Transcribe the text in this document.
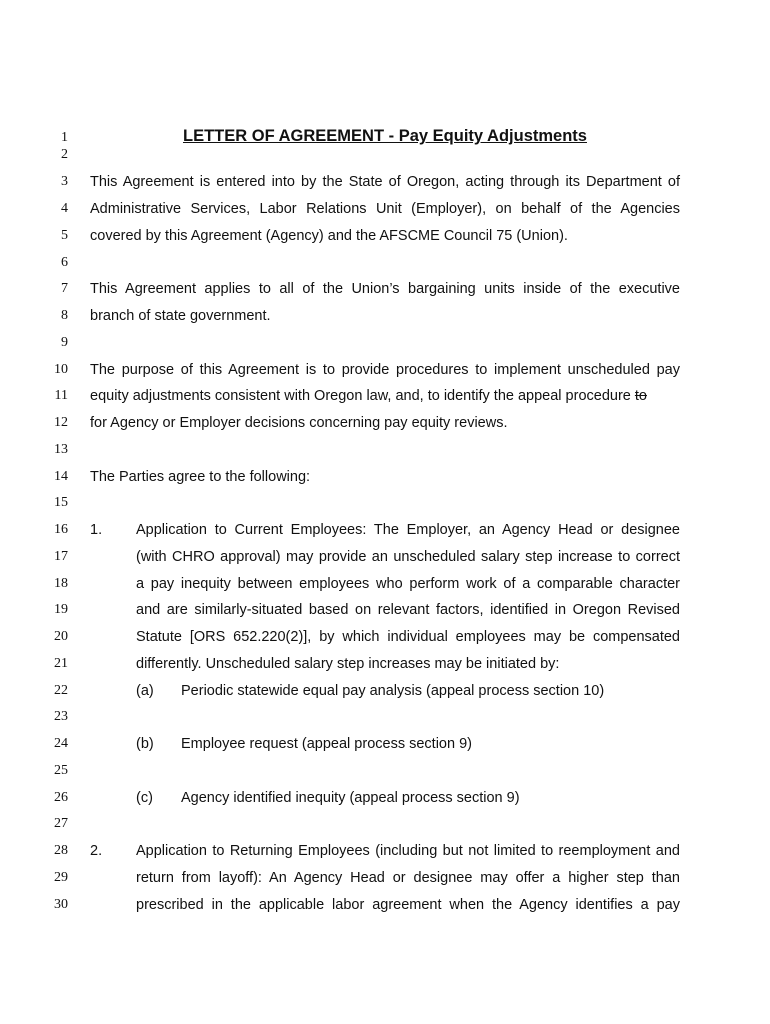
1
2
3
4
5
6
7
8
9
10
11
12
13
14
15
16
17
18
19
20
21
22
23
24
25
26
27
28
29
30
LETTER OF AGREEMENT - Pay Equity Adjustments
This Agreement is entered into by the State of Oregon, acting through its Department of
Administrative Services, Labor Relations Unit (Employer), on behalf of the Agencies
covered by this Agreement (Agency) and the AFSCME Council 75 (Union).
This Agreement applies to all of the Union’s bargaining units inside of the executive
branch of state government.
The purpose of this Agreement is to provide procedures to implement unscheduled pay
equity adjustments consistent with Oregon law, and, to identify the appeal procedure to
for Agency or Employer decisions concerning pay equity reviews.
The Parties agree to the following:
1. Application to Current Employees: The Employer, an Agency Head or designee
(with CHRO approval) may provide an unscheduled salary step increase to correct
a pay inequity between employees who perform work of a comparable character
and are similarly-situated based on relevant factors, identified in Oregon Revised
Statute [ORS 652.220(2)], by which individual employees may be compensated
differently. Unscheduled salary step increases may be initiated by:
(a) Periodic statewide equal pay analysis (appeal process section 10)
(b) Employee request (appeal process section 9)
(c) Agency identified inequity (appeal process section 9)
2. Application to Returning Employees (including but not limited to reemployment and
return from layoff): An Agency Head or designee may offer a higher step than
prescribed in the applicable labor agreement when the Agency identifies a pay
